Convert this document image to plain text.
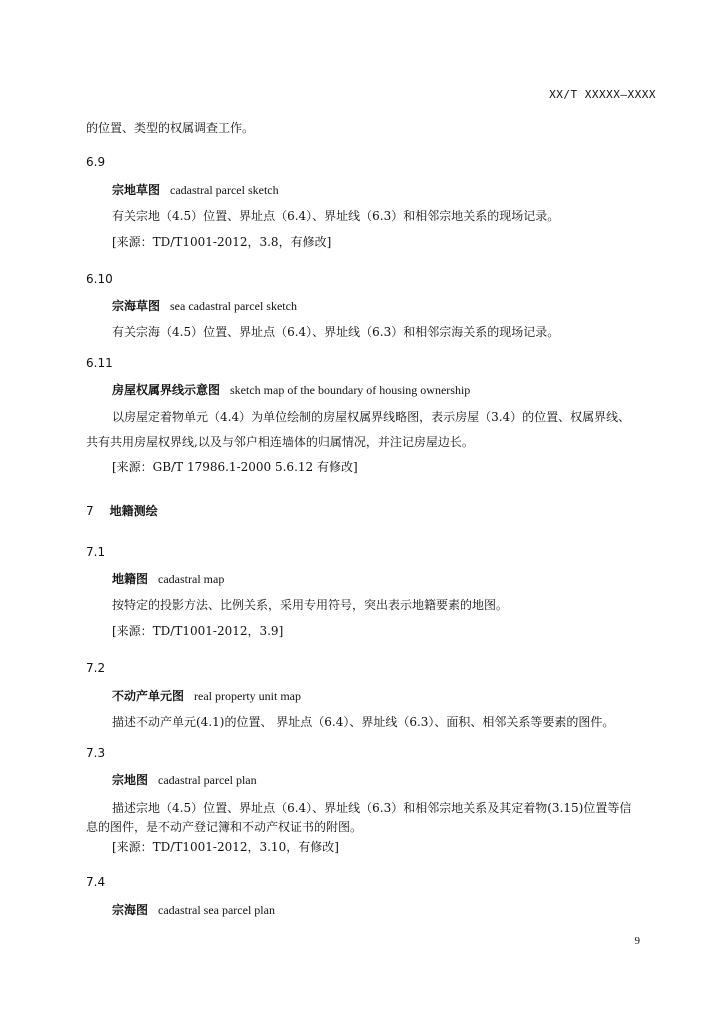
XX/T XXXXX—XXXX
的位置、类型的权属调查工作。
6.9
宗地草图 cadastral parcel sketch
有关宗地（4.5）位置、界址点（6.4）、界址线（6.3）和相邻宗地关系的现场记录。
[来源：TD/T1001-2012，3.8，有修改]
6.10
宗海草图 sea cadastral parcel sketch
有关宗海（4.5）位置、界址点（6.4）、界址线（6.3）和相邻宗海关系的现场记录。
6.11
房屋权属界线示意图 sketch map of the boundary of housing ownership
以房屋定着物单元（4.4）为单位绘制的房屋权属界线略图，表示房屋（3.4）的位置、权属界线、
共有共用房屋权界线,以及与邻户相连墙体的归属情况，并注记房屋边长。
[来源：GB/T 17986.1-2000 5.6.12 有修改]
7 地籍测绘
7.1
地籍图 cadastral map
按特定的投影方法、比例关系，采用专用符号，突出表示地籍要素的地图。
[来源：TD/T1001-2012，3.9]
7.2
不动产单元图 real property unit map
描述不动产单元(4.1)的位置、 界址点（6.4）、界址线（6.3）、面积、相邻关系等要素的图件。
7.3
宗地图 cadastral parcel plan
描述宗地（4.5）位置、界址点（6.4）、界址线（6.3）和相邻宗地关系及其定着物(3.15)位置等信
息的图件，是不动产登记簿和不动产权证书的附图。
[来源：TD/T1001-2012，3.10，有修改]
7.4
宗海图 cadastral sea parcel plan
9
